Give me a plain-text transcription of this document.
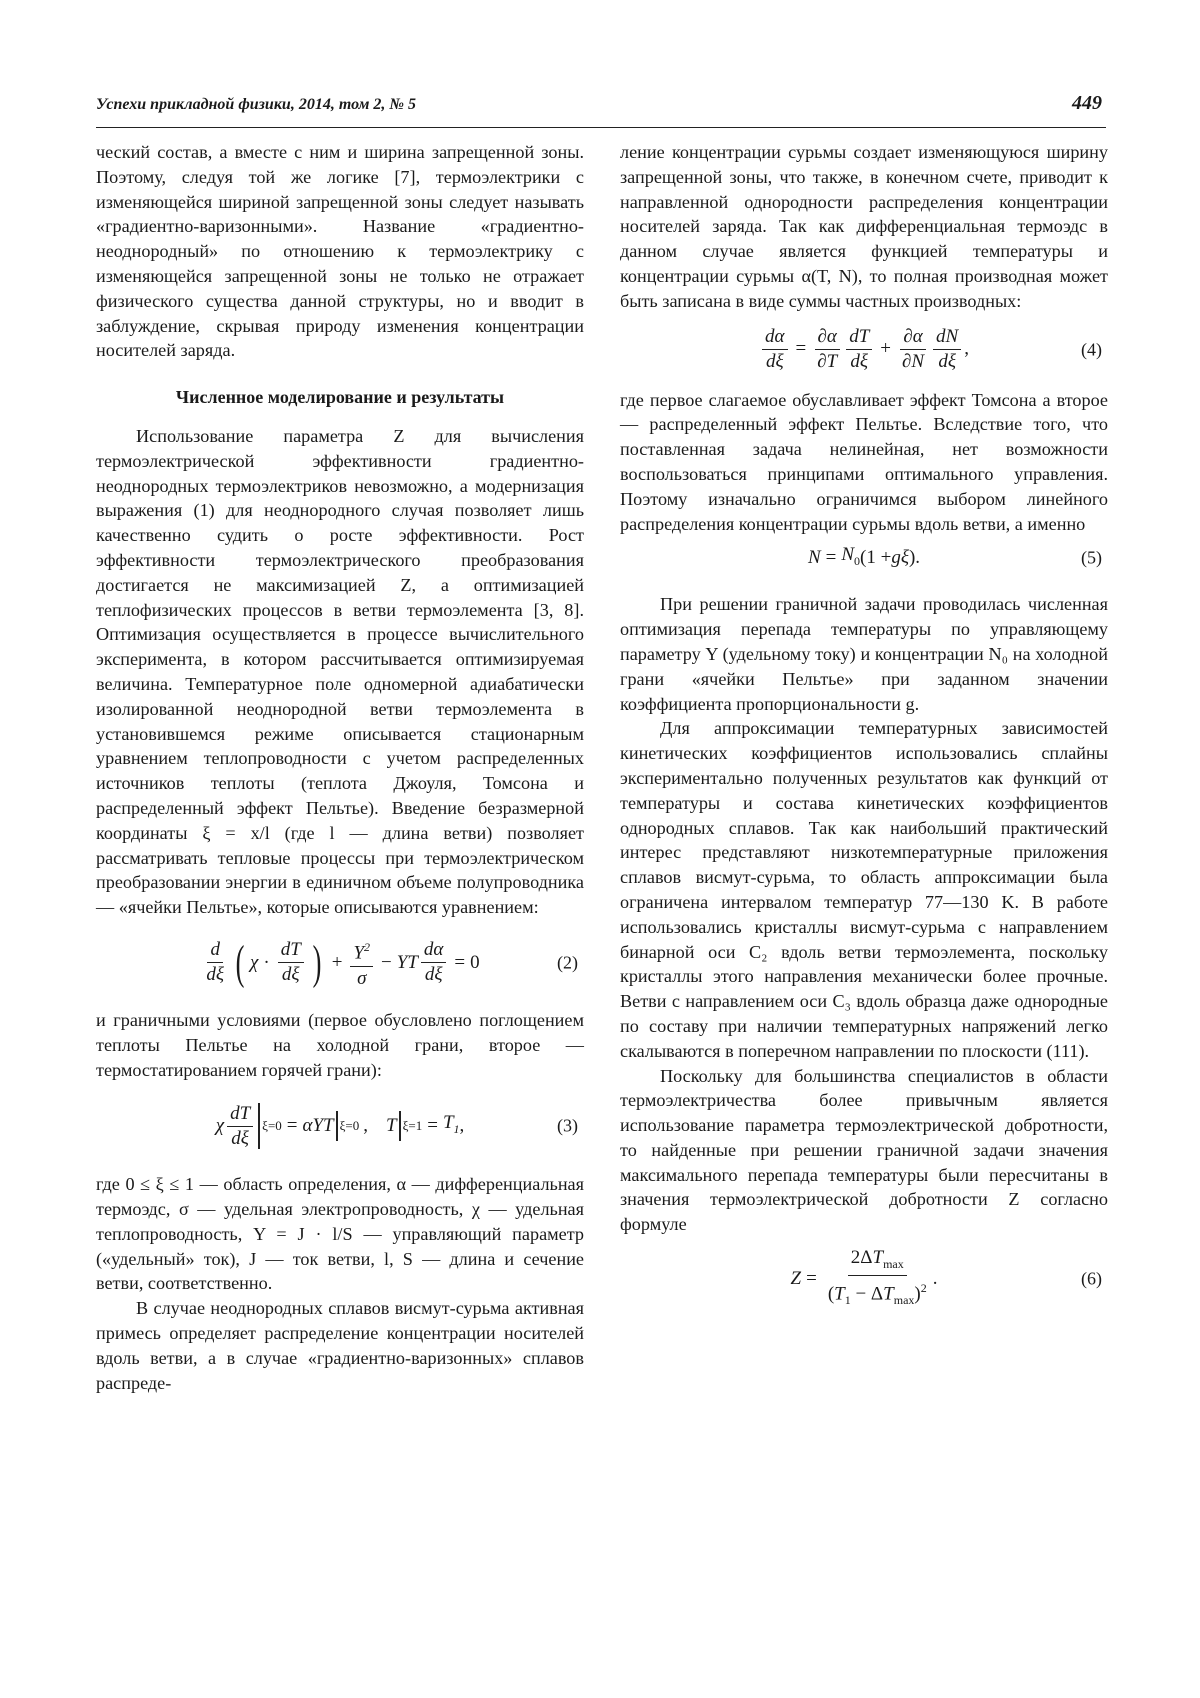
Успехи прикладной физики, 2014, том 2, № 5	449

ческий состав, а вместе с ним и ширина запрещенной зоны. Поэтому, следуя той же логике [7], термоэлектрики с изменяющейся шириной запрещенной зоны следует называть «градиентно-варизонными». Название «градиентно-неоднородный» по отношению к термоэлектрику с изменяющейся запрещенной зоны не только не отражает физического существа данной структуры, но и вводит в заблуждение, скрывая природу изменения концентрации носителей заряда.

Численное моделирование и результаты

Использование параметра Z для вычисления термоэлектрической эффективности градиентно-неоднородных термоэлектриков невозможно, а модернизация выражения (1) для неоднородного случая позволяет лишь качественно судить о росте эффективности. Рост эффективности термоэлектрического преобразования достигается не максимизацией Z, а оптимизацией теплофизических процессов в ветви термоэлемента [3, 8]. Оптимизация осуществляется в процессе вычислительного эксперимента, в котором рассчитывается оптимизируемая величина. Температурное поле одномерной адиабатически изолированной неоднородной ветви термоэлемента в установившемся режиме описывается стационарным уравнением теплопроводности с учетом распределенных источников теплоты (теплота Джоуля, Томсона и распределенный эффект Пельтье). Введение безразмерной координаты ξ = x/l (где l — длина ветви) позволяет рассматривать тепловые процессы при термоэлектрическом преобразовании энергии в единичном объеме полупроводника — «ячейки Пельтье», которые описываются уравнением:

$\frac{d}{d\xi}$ ( $\chi \cdot \frac{dT}{d\xi}$ ) + $\frac{Y^2}{\sigma}$ − YT $\frac{d\alpha}{d\xi} = 0$	(2)

и граничными условиями (первое обусловлено поглощением теплоты Пельтье на холодной грани, второе — термостатированием горячей грани):

χ $\frac{dT}{d\xi} \xi=0 = \alpha YT$ ξ=0 , T $\xi=1 = T_1$ ,	(3)

где 0 ≤ ξ ≤ 1 — область определения, α — дифференциальная термоэдс, σ — удельная электропроводность, χ — удельная теплопроводность, Y = J · l/S — управляющий параметр («удельный» ток), J — ток ветви, l, S — длина и сечение ветви, соответственно.

В случае неоднородных сплавов висмут-сурьма активная примесь определяет распределение концентрации носителей вдоль ветви, а в случае «градиентно-варизонных» сплавов распреде-

ление концентрации сурьмы создает изменяющуюся ширину запрещенной зоны, что также, в конечном счете, приводит к направленной однородности распределения концентрации носителей заряда. Так как дифференциальная термоэдс в данном случае является функцией температуры и концентрации сурьмы α(T, N), то полная производная может быть записана в виде суммы частных производных:

$\frac{d\alpha}{d\xi} = \frac{\partial\alpha}{\partial T} \frac{dT}{d\xi} + \frac{\partial\alpha}{\partial N} \frac{dN}{d\xi}$ ,	(4)

где первое слагаемое обуславливает эффект Томсона а второе — распределенный эффект Пельтье. Вследствие того, что поставленная задача нелинейная, нет возможности воспользоваться принципами оптимального управления. Поэтому изначально ограничимся выбором линейного распределения концентрации сурьмы вдоль ветви, а именно

$N = N_0$ (1 + gξ ).	(5)

При решении граничной задачи проводилась численная оптимизация перепада температуры по управляющему параметру Y (удельному току) и концентрации N₀ на холодной грани «ячейки Пельтье» при заданном значении коэффициента пропорциональности g.

Для аппроксимации температурных зависимостей кинетических коэффициентов использовались сплайны экспериментально полученных результатов как функций от температуры и состава кинетических коэффициентов однородных сплавов. Так как наибольший практический интерес представляют низкотемпературные приложения сплавов висмут-сурьма, то область аппроксимации была ограничена интервалом температур 77—130 K. В работе использовались кристаллы висмут-сурьма с направлением бинарной оси C₂ вдоль ветви термоэлемента, поскольку кристаллы этого направления механически более прочные. Ветви с направлением оси C₃ вдоль образца даже однородные по составу при наличии температурных напряжений легко скалываются в поперечном направлении по плоскости (111).

Поскольку для большинства специалистов в области термоэлектричества более привычным является использование параметра термоэлектрической добротности, то найденные при решении граничной задачи значения максимального перепада температуры были пересчитаны в значения термоэлектрической добротности Z согласно формуле

$Z = \frac{2\Delta T_{max}}{(T_1 - \Delta T_{max})^2}$ .	(6)
